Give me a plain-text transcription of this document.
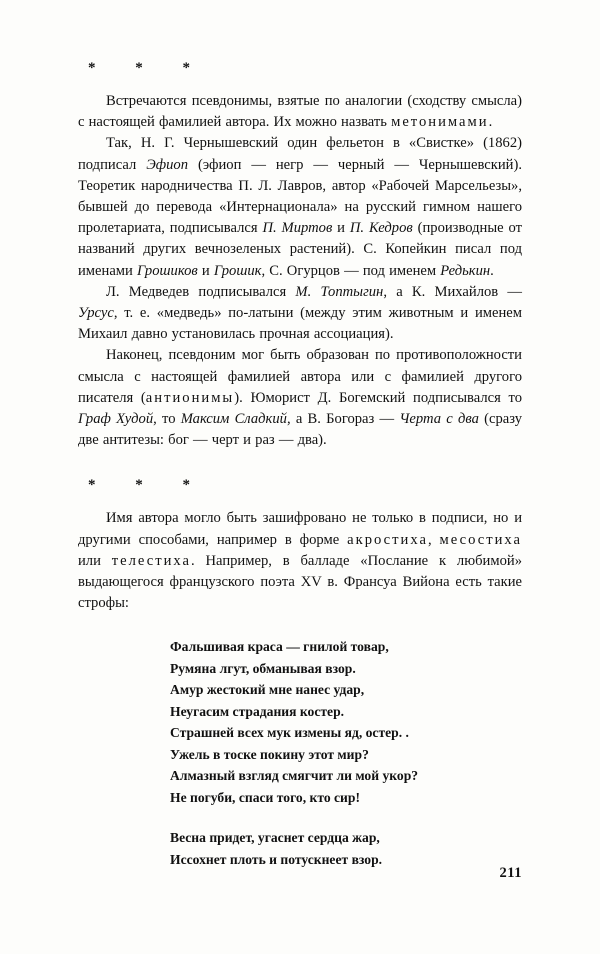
* * *

Встречаются псевдонимы, взятые по аналогии (сходству смысла) с настоящей фамилией автора. Их можно назвать метонимами.

Так, Н. Г. Чернышевский один фельетон в «Свистке» (1862) подписал Эфиоп (эфиоп — негр — черный — Чернышевский). Теоретик народничества П. Л. Лавров, автор «Рабочей Марсельезы», бывшей до перевода «Интернационала» на русский гимном нашего пролетариата, подписывался П. Миртов и П. Кедров (производные от названий других вечнозеленых растений). С. Копейкин писал под именами Грошиков и Грошик, С. Огурцов — под именем Редькин.

Л. Медведев подписывался М. Топтыгин, а К. Михайлов — Урсус, т. е. «медведь» по-латыни (между этим животным и именем Михаил давно установилась прочная ассоциация).

Наконец, псевдоним мог быть образован по противоположности смысла с настоящей фамилией автора или с фамилией другого писателя (антионимы). Юморист Д. Богемский подписывался то Граф Худой, то Максим Сладкий, а В. Богораз — Черта с два (сразу две антитезы: бог — черт и раз — два).

* * *

Имя автора могло быть зашифровано не только в подписи, но и другими способами, например в форме акростиха, месостиха или телестиха. Например, в балладе «Послание к любимой» выдающегося французского поэта XV в. Франсуа Вийона есть такие строфы:

Фальшивая краса — гнилой товар,
Румяна лгут, обманывая взор.
Амур жестокий мне нанес удар,
Неугасим страдания костер.
Страшней всех мук измены яд, остер. .
Ужель в тоске покину этот мир?
Алмазный взгляд смягчит ли мой укор?
Не погуби, спаси того, кто сир!
Весна придет, угаснет сердца жар,
Иссохнет плоть и потускнеет взор.
211
